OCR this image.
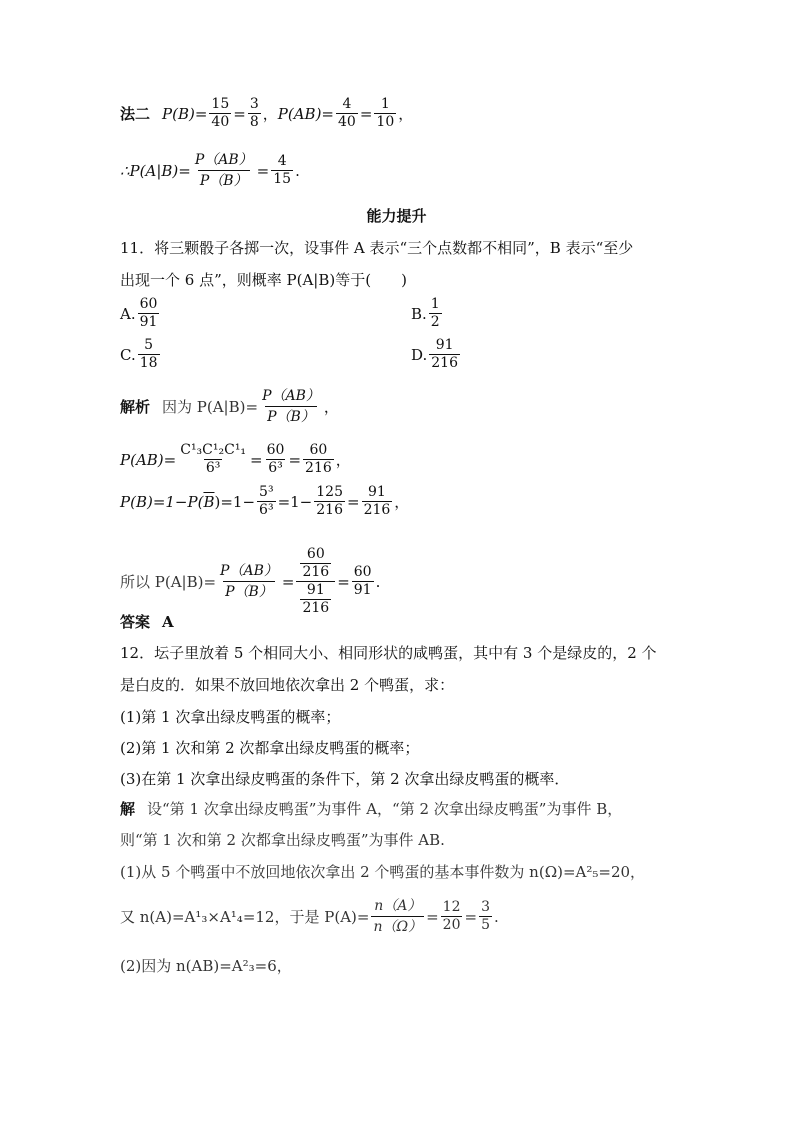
法二 $P(B) = \frac{15}{40} = \frac{3}{8}$ ， $P(AB) = \frac{4}{40} = \frac{1}{10}$ ，
∴P(A|B)= $\frac{P(AB)}{P(B)} = \frac{4}{15}$ .
能力提升
11．将三颗骰子各掷一次，设事件 A 表示“三个点数都不相同”，B 表示“至少
出现一个 6 点”，则概率 P(A|B)等于(　　)
A. $\frac{60}{91}$	B. $\frac{1}{2}$
C. $\frac{5}{18}$	D. $\frac{91}{216}$
解析 因为 $P(A|B)= \frac{P(AB)}{P(B)}$ ，
$P(AB)= \frac{\text{C¹₃C¹₂C¹₁}}{\text{6³}} = \frac{60}{\text{6³}} = \frac{60}{216}$ ，
P(B)=1−P( $\overline{B}$ )$=1- \frac{\text{5³}}{\text{6³}} =1- \frac{125}{216} = \frac{91}{216}$ ，
所以 $P(A|B)= \frac{P(AB)}{P(B)} = \frac{\frac{60}{216}}{\frac{91}{216}} = \frac{60}{91}$ .
答案 A
12．坛子里放着 5 个相同大小、相同形状的咸鸭蛋，其中有 3 个是绿皮的，2 个
是白皮的．如果不放回地依次拿出 2 个鸭蛋，求：
(1)第 1 次拿出绿皮鸭蛋的概率；
(2)第 1 次和第 2 次都拿出绿皮鸭蛋的概率；
(3)在第 1 次拿出绿皮鸭蛋的条件下，第 2 次拿出绿皮鸭蛋的概率．
解 设“第 1 次拿出绿皮鸭蛋”为事件 A，“第 2 次拿出绿皮鸭蛋”为事件 B，
则“第 1 次和第 2 次都拿出绿皮鸭蛋”为事件 AB.
(1)从 5 个鸭蛋中不放回地依次拿出 2 个鸭蛋的基本事件数为 n(Ω)=A²₅=20，
又 n(A)=A¹₃×A¹₄=12，于是 $P(A)= \frac{n(A)}{n(\Omega)} = \frac{12}{20} = \frac{3}{5}$ .
(2)因为 n(AB)=A²₃=6，
